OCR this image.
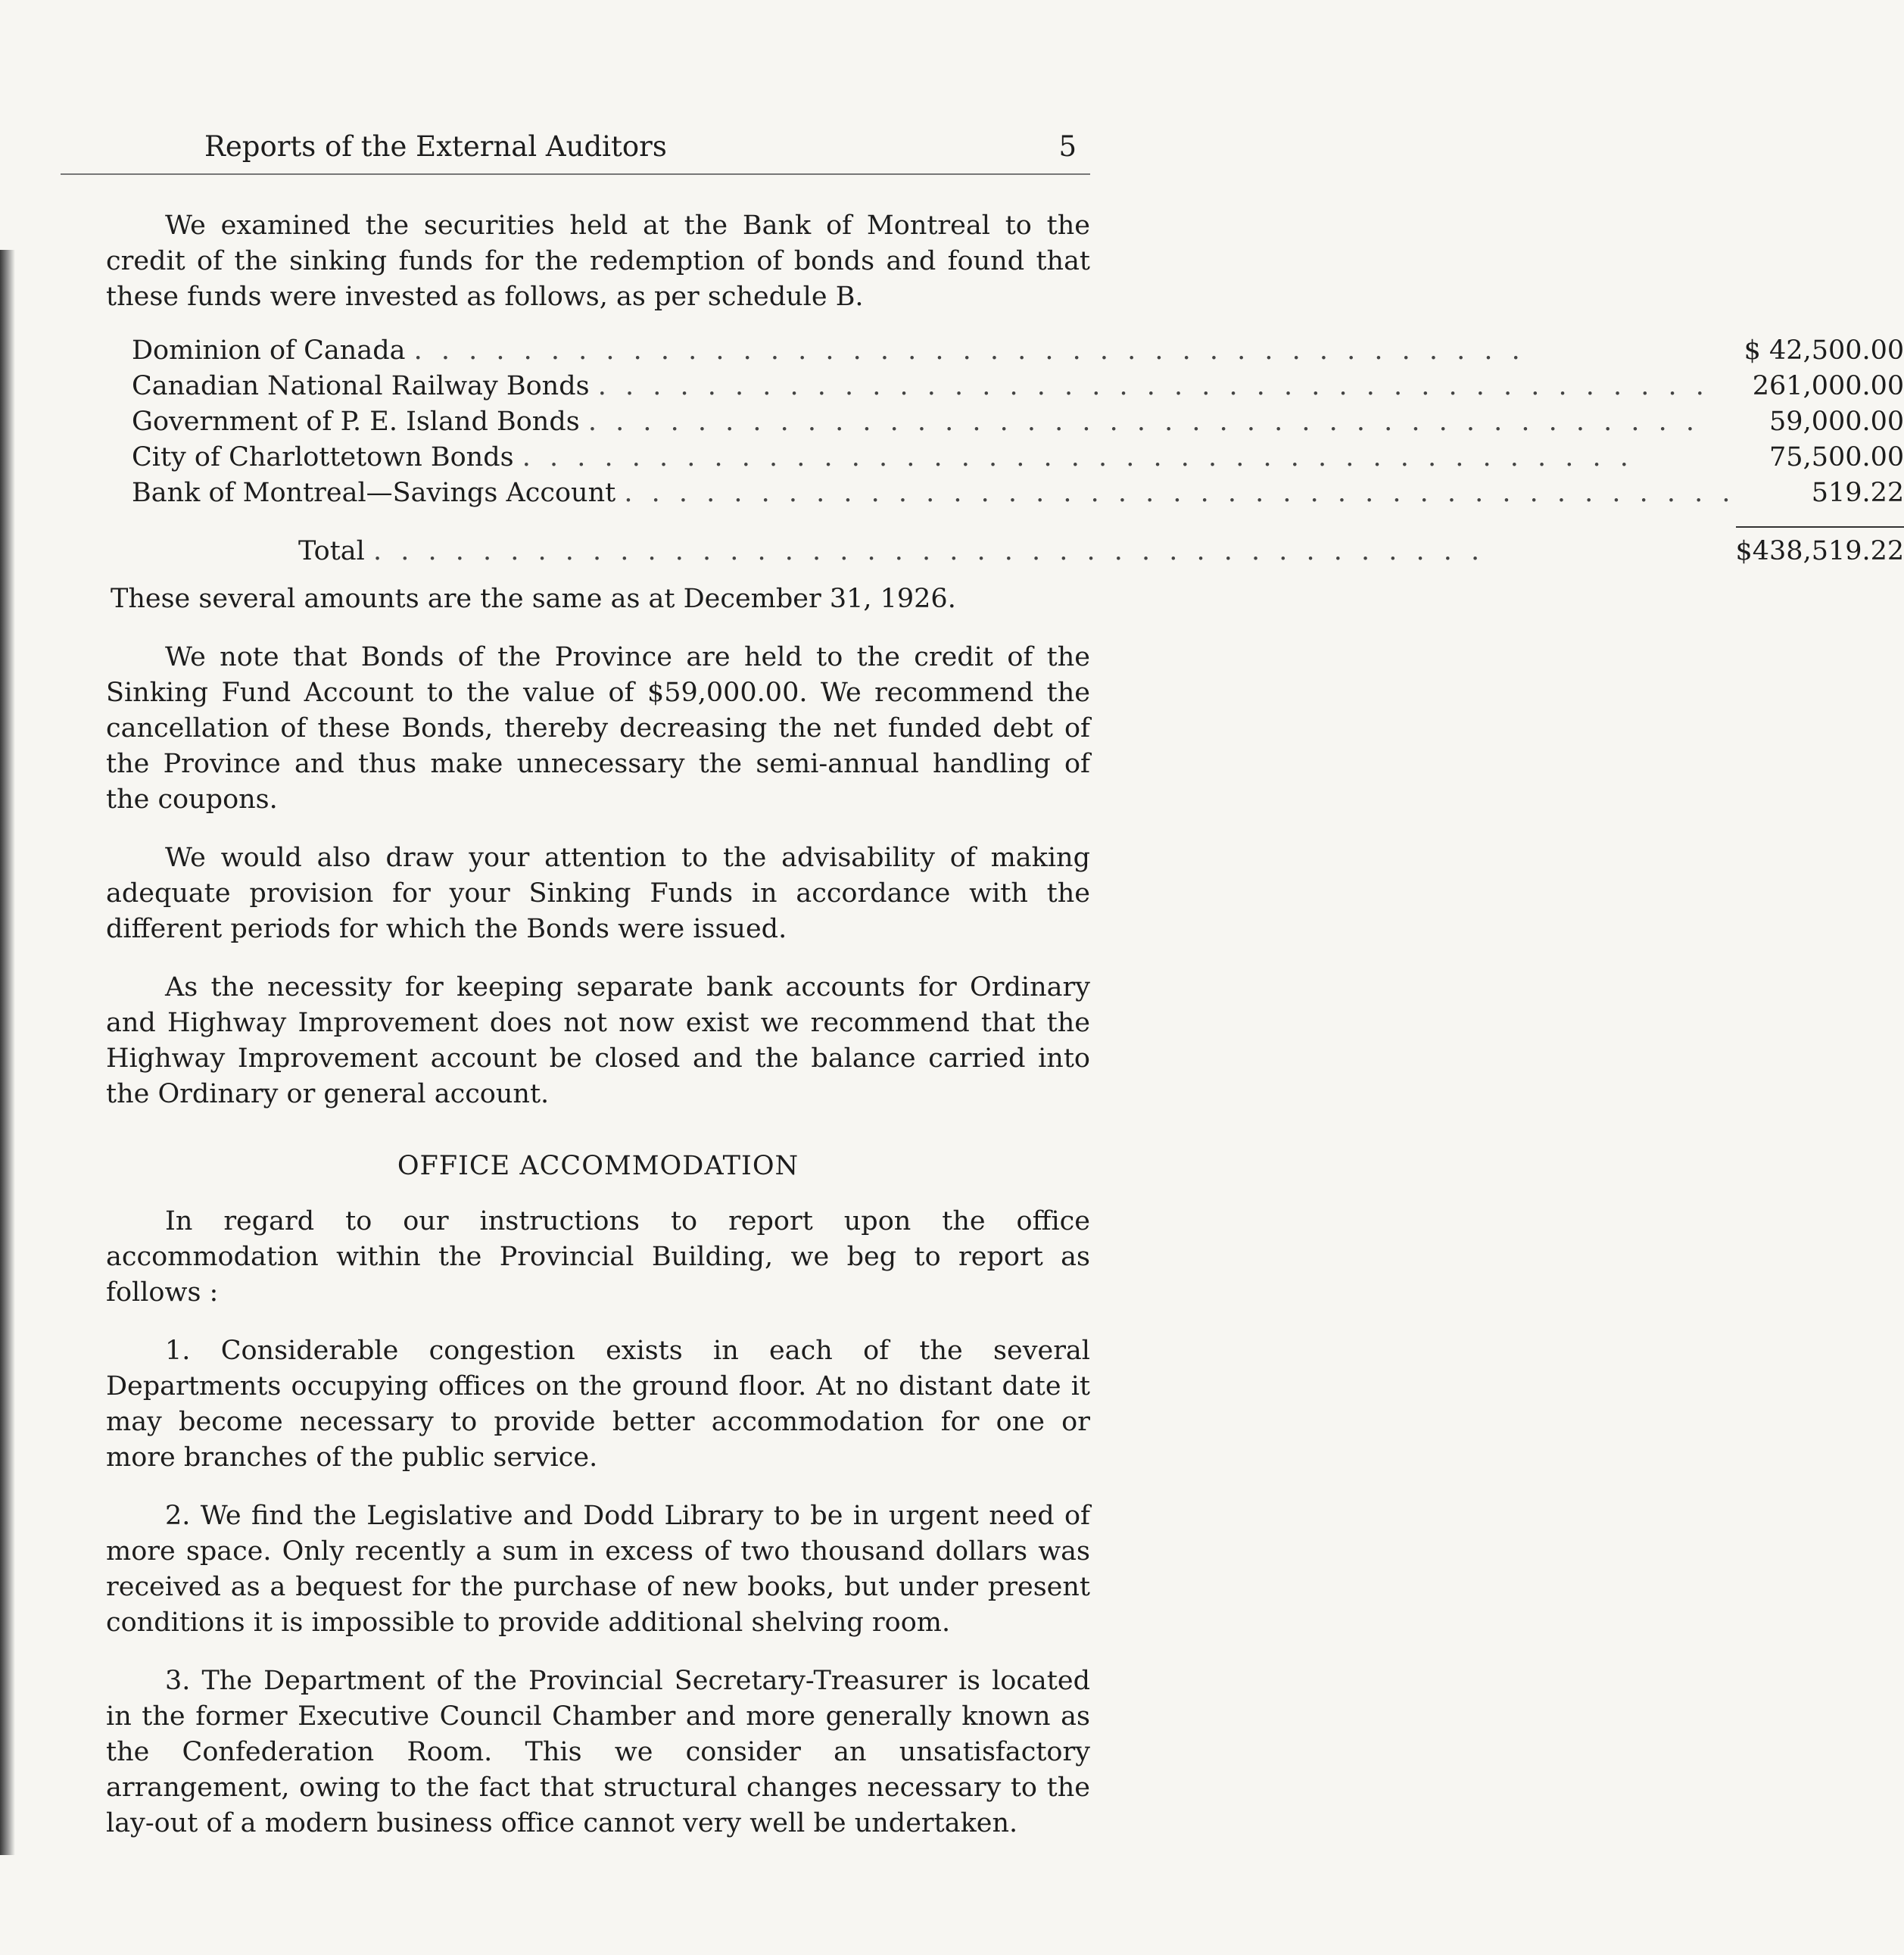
Reports of the External Auditors	5

We examined the securities held at the Bank of Montreal to the credit of the sinking funds for the redemption of bonds and found that these funds were invested as follows, as per schedule B.

Dominion of Canada . . . . . . . . . . . . . . . . . . . . . . . . . . . . . . . . . . . . . . . . .	$ 42,500.00
Canadian National Railway Bonds . . . . . . . . . . . . . . . . . . . . . . . . . . . . . . . . . . . . . . . . .	261,000.00
Government of P. E. Island Bonds . . . . . . . . . . . . . . . . . . . . . . . . . . . . . . . . . . . . . . . . .	59,000.00
City of Charlottetown Bonds . . . . . . . . . . . . . . . . . . . . . . . . . . . . . . . . . . . . . . . . .	75,500.00
Bank of Montreal—Savings Account . . . . . . . . . . . . . . . . . . . . . . . . . . . . . . . . . . . . . . . . .	519.22

Total . . . . . . . . . . . . . . . . . . . . . . . . . . . . . . . . . . . . . . . . .	$438,519.22

These several amounts are the same as at December 31, 1926.

We note that Bonds of the Province are held to the credit of the Sinking Fund Account to the value of $59,000.00. We recommend the cancellation of these Bonds, thereby decreasing the net funded debt of the Province and thus make unnecessary the semi-annual handling of the coupons.

We would also draw your attention to the advisability of making adequate provision for your Sinking Funds in accordance with the different periods for which the Bonds were issued.

As the necessity for keeping separate bank accounts for Ordinary and Highway Improvement does not now exist we recommend that the Highway Improvement account be closed and the balance carried into the Ordinary or general account.

OFFICE ACCOMMODATION

In regard to our instructions to report upon the office accommodation within the Provincial Building, we beg to report as follows :

1. Considerable congestion exists in each of the several Departments occupying offices on the ground floor. At no distant date it may become necessary to provide better accommodation for one or more branches of the public service.

2. We find the Legislative and Dodd Library to be in urgent need of more space. Only recently a sum in excess of two thousand dollars was received as a bequest for the purchase of new books, but under present conditions it is impossible to provide additional shelving room.

3. The Department of the Provincial Secretary-Treasurer is located in the former Executive Council Chamber and more generally known as the Confederation Room. This we consider an unsatisfactory arrangement, owing to the fact that structural changes necessary to the lay-out of a modern business office cannot very well be undertaken.
